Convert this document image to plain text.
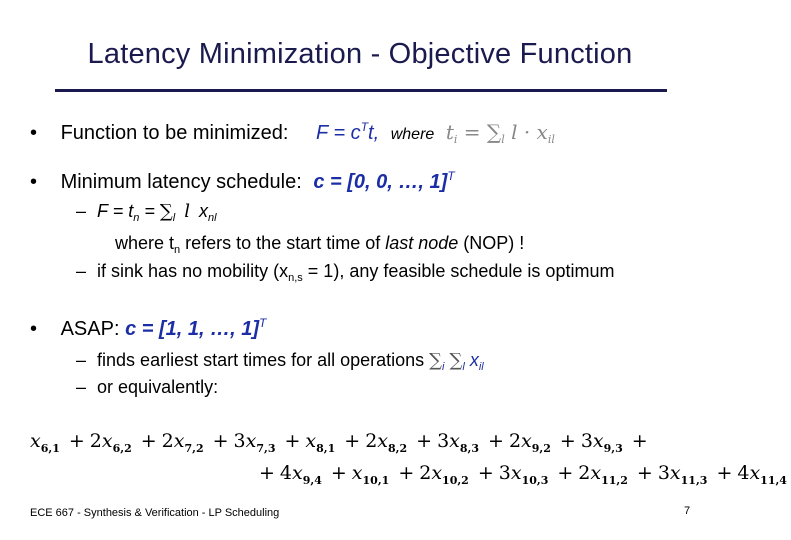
Latency Minimization - Objective Function
• Function to be minimized: $F = c^Tt$, where $t_i = \sum_l$ $l \cdot x_{il}$
• Minimum latency schedule: c = [0, 0, …, 1]$^T$
– $F = t_n = \sum_l$ l $x_{nl}$
where $t_n$ refers to the start time of last node (NOP) !
– if sink has no mobility $(x_{n,s} = 1)$, any feasible schedule is optimum
• ASAP: c = [1, 1, …, 1]$^T$
– finds earliest start times for all operations $\sum_i$ $\sum_l$ $x_{il}$
– or equivalently:
$x_{6,1} + 2x_{6,2} + 2x_{7,2} + 3x_{7,3} + x_{8,1} + 2x_{8,2} + 3x_{8,3} + 2x_{9,2} + 3x_{9,3}$ +
+ $4x_{9,4} + x_{10,1} + 2x_{10,2} + 3x_{10,3} + 2x_{11,2} + 3x_{11,3} + 4x_{11,4}$
ECE 667 - Synthesis & Verification - LP Scheduling	7
